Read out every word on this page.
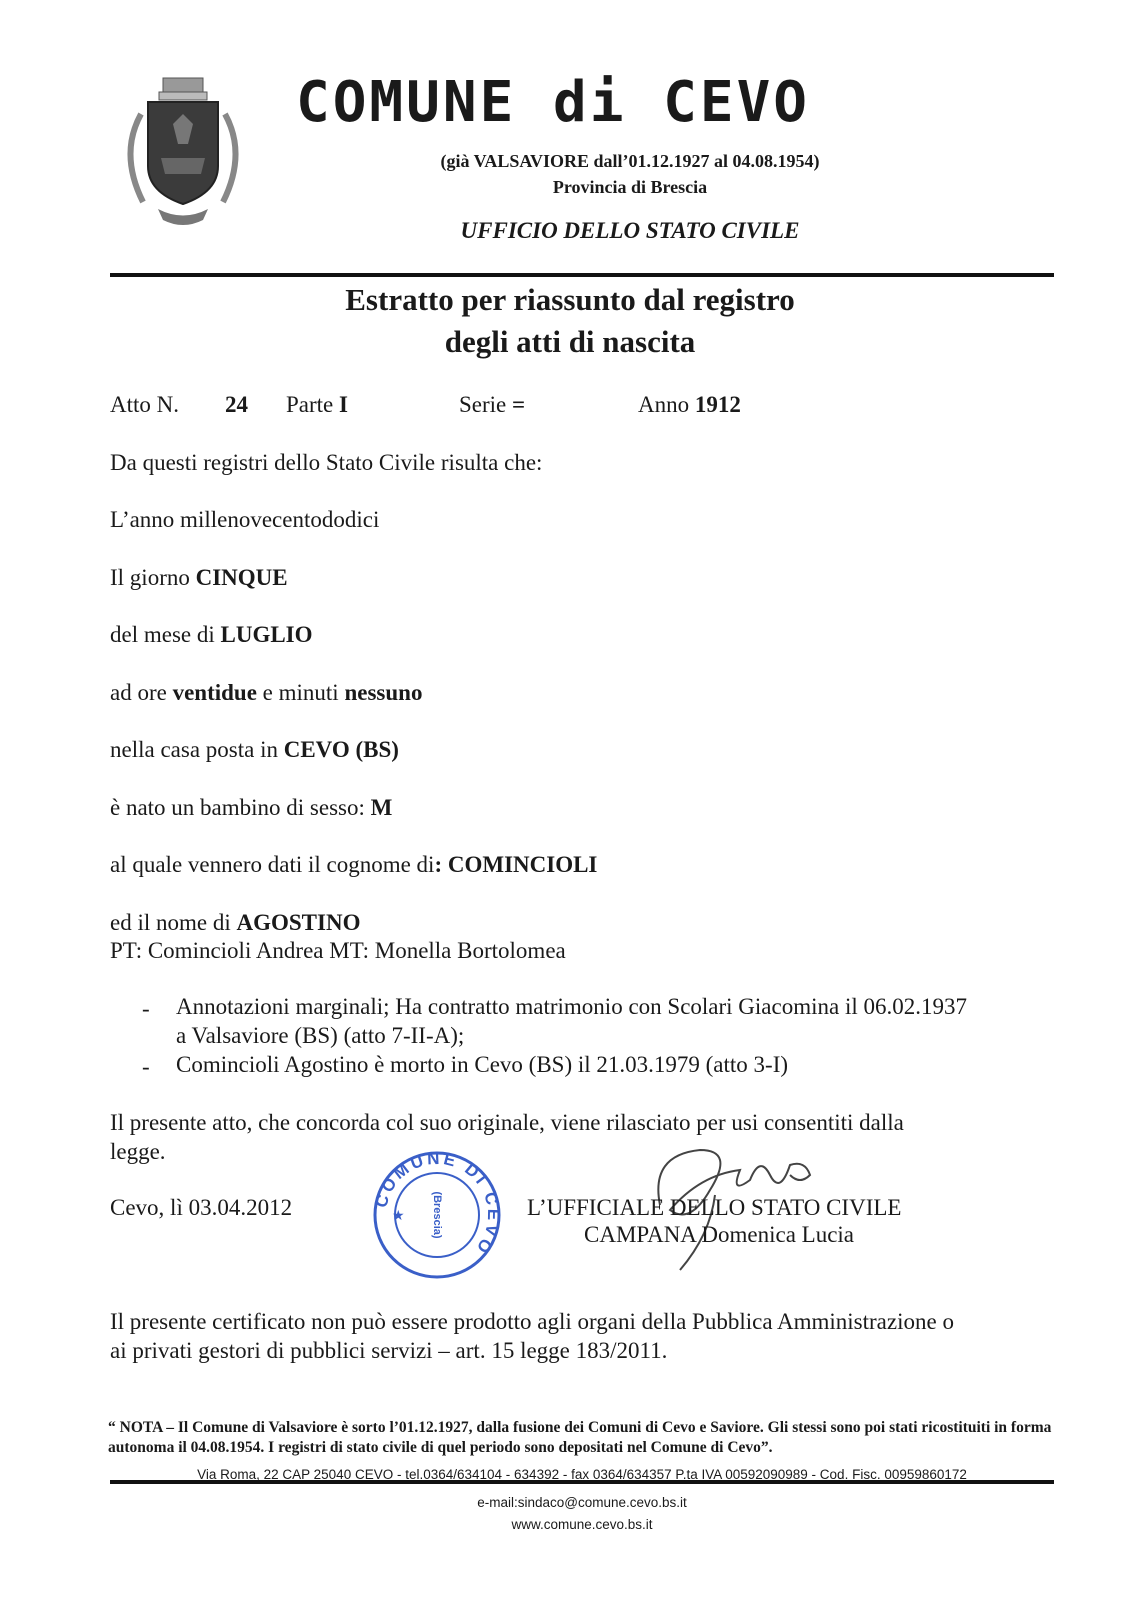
COMUNE di CEVO
(già VALSAVIORE dall’01.12.1927 al 04.08.1954)
Provincia di Brescia
UFFICIO DELLO STATO CIVILE
Estratto per riassunto dal registro
degli atti di nascita
Atto N. 24 Parte I	Serie =	Anno 1912
Da questi registri dello Stato Civile risulta che:
L’anno millenovecentododici
Il giorno CINQUE
del mese di LUGLIO
ad ore ventidue e minuti nessuno
nella casa posta in CEVO (BS)
è nato un bambino di sesso: M
al quale vennero dati il cognome di: COMINCIOLI
ed il nome di AGOSTINO
PT: Comincioli Andrea MT: Monella Bortolomea
- Annotazioni marginali; Ha contratto matrimonio con Scolari Giacomina il 06.02.1937
a Valsaviore (BS) (atto 7-II-A);
- Comincioli Agostino è morto in Cevo (BS) il 21.03.1979 (atto 3-I)
Il presente atto, che concorda col suo originale, viene rilasciato per usi consentiti dalla
legge.
Cevo, lì 03.04.2012	COMUNE DI CEVO
(Brescia)
★	L’UFFICIALE DELLO STATO CIVILE
CAMPANA Domenica Lucia
Il presente certificato non può essere prodotto agli organi della Pubblica Amministrazione o
ai privati gestori di pubblici servizi – art. 15 legge 183/2011.
“ NOTA – Il Comune di Valsaviore è sorto l’01.12.1927, dalla fusione dei Comuni di Cevo e Saviore. Gli stessi sono poi stati ricostituiti in forma autonoma il 04.08.1954. I registri di stato civile di quel periodo sono depositati nel Comune di Cevo”.
Via Roma, 22 CAP 25040 CEVO - tel.0364/634104 - 634392 - fax 0364/634357 P.ta IVA 00592090989 - Cod. Fisc. 00959860172
e-mail:sindaco@comune.cevo.bs.it
www.comune.cevo.bs.it
